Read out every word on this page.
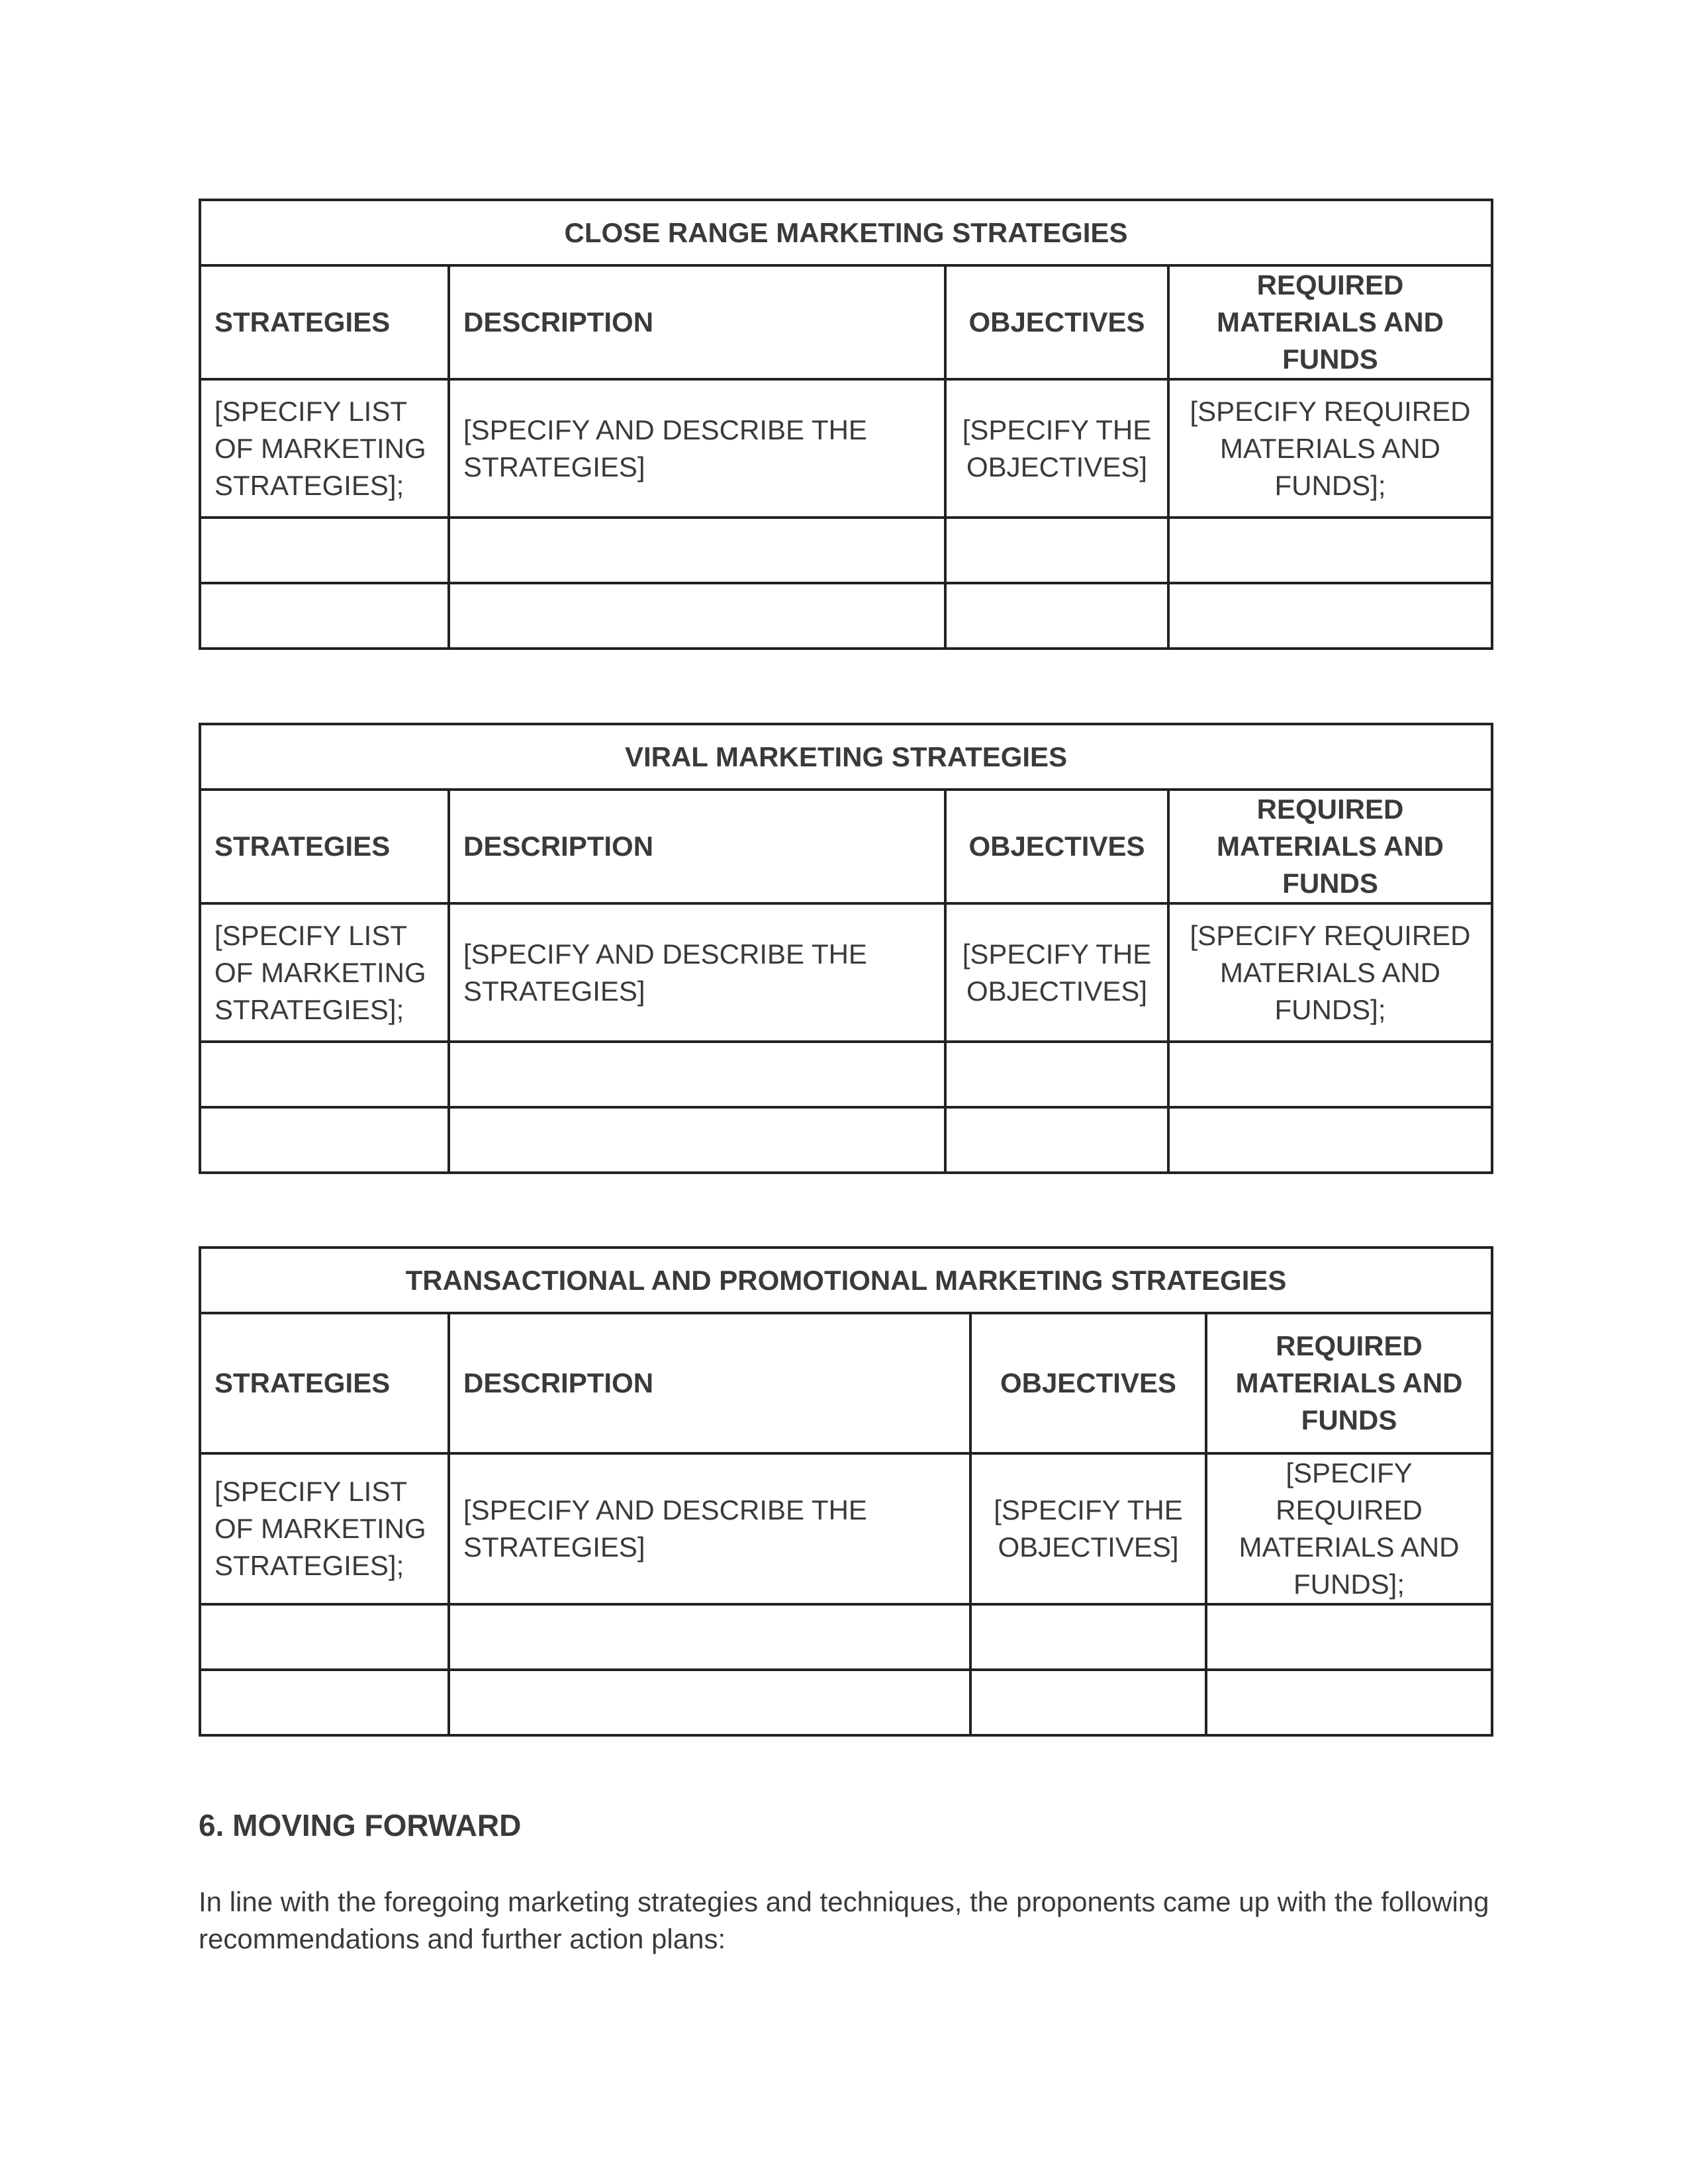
CLOSE RANGE MARKETING STRATEGIES			
STRATEGIES	DESCRIPTION	OBJECTIVES	REQUIRED MATERIALS AND FUNDS
[SPECIFY LIST OF MARKETING STRATEGIES];	[SPECIFY AND DESCRIBE THE STRATEGIES]	[SPECIFY THE OBJECTIVES]	[SPECIFY REQUIRED MATERIALS AND FUNDS];

VIRAL MARKETING STRATEGIES			
STRATEGIES	DESCRIPTION	OBJECTIVES	REQUIRED MATERIALS AND FUNDS
[SPECIFY LIST OF MARKETING STRATEGIES];	[SPECIFY AND DESCRIBE THE STRATEGIES]	[SPECIFY THE OBJECTIVES]	[SPECIFY REQUIRED MATERIALS AND FUNDS];

TRANSACTIONAL AND PROMOTIONAL MARKETING STRATEGIES			
STRATEGIES	DESCRIPTION	OBJECTIVES	REQUIRED MATERIALS AND FUNDS
[SPECIFY LIST OF MARKETING STRATEGIES];	[SPECIFY AND DESCRIBE THE STRATEGIES]	[SPECIFY THE OBJECTIVES]	[SPECIFY REQUIRED MATERIALS AND FUNDS];

6. MOVING FORWARD

In line with the foregoing marketing strategies and techniques, the proponents came up with the following recommendations and further action plans:
